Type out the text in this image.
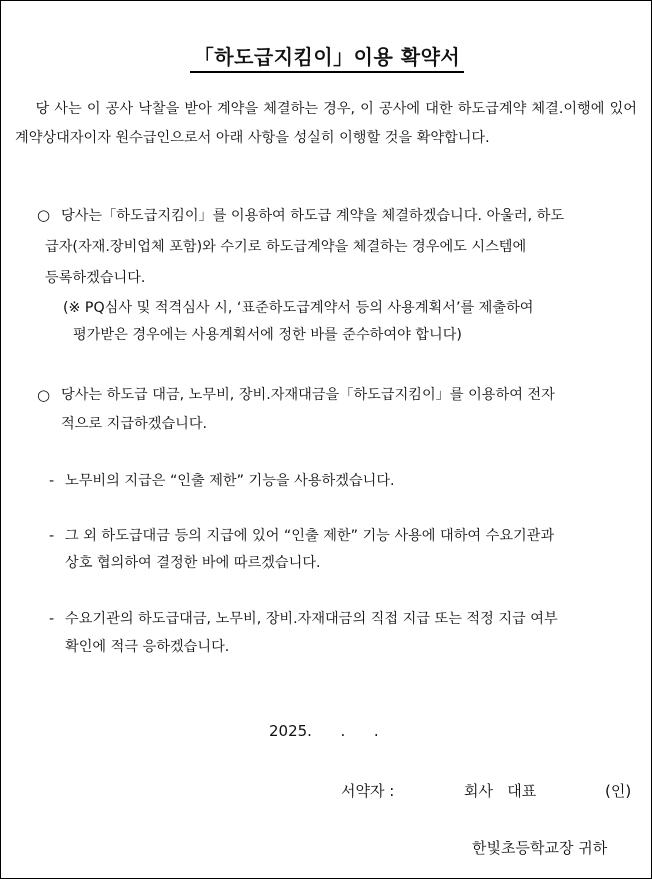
「하도급지킴이」이용 확약서
당 사는 이 공사 낙찰을 받아 계약을 체결하는 경우, 이 공사에 대한 하도급계약 체결.이행에 있어 계약상대자이자 원수급인으로서 아래 사항을 성실히 이행할 것을 확약합니다.
○ 당사는「하도급지킴이」를 이용하여 하도급 계약을 체결하겠습니다. 아울러, 하도
급자(자재.장비업체 포함)와 수기로 하도급계약을 체결하는 경우에도 시스템에
등록하겠습니다.
(※ PQ심사 및 적격심사 시, ‘표준하도급계약서 등의 사용계획서’를 제출하여
평가받은 경우에는 사용계획서에 정한 바를 준수하여야 합니다)
○ 당사는 하도급 대금, 노무비, 장비.자재대금을「하도급지킴이」를 이용하여 전자
적으로 지급하겠습니다.
- 노무비의 지급은 “인출 제한” 기능을 사용하겠습니다.
- 그 외 하도급대금 등의 지급에 있어 “인출 제한” 기능 사용에 대하여 수요기관과
상호 협의하여 결정한 바에 따르겠습니다.
- 수요기관의 하도급대금, 노무비, 장비.자재대금의 직접 지급 또는 적정 지급 여부
확인에 적극 응하겠습니다.
2025.      .      .
서약자 :	회사   대표	(인)
한빛초등학교장 귀하
